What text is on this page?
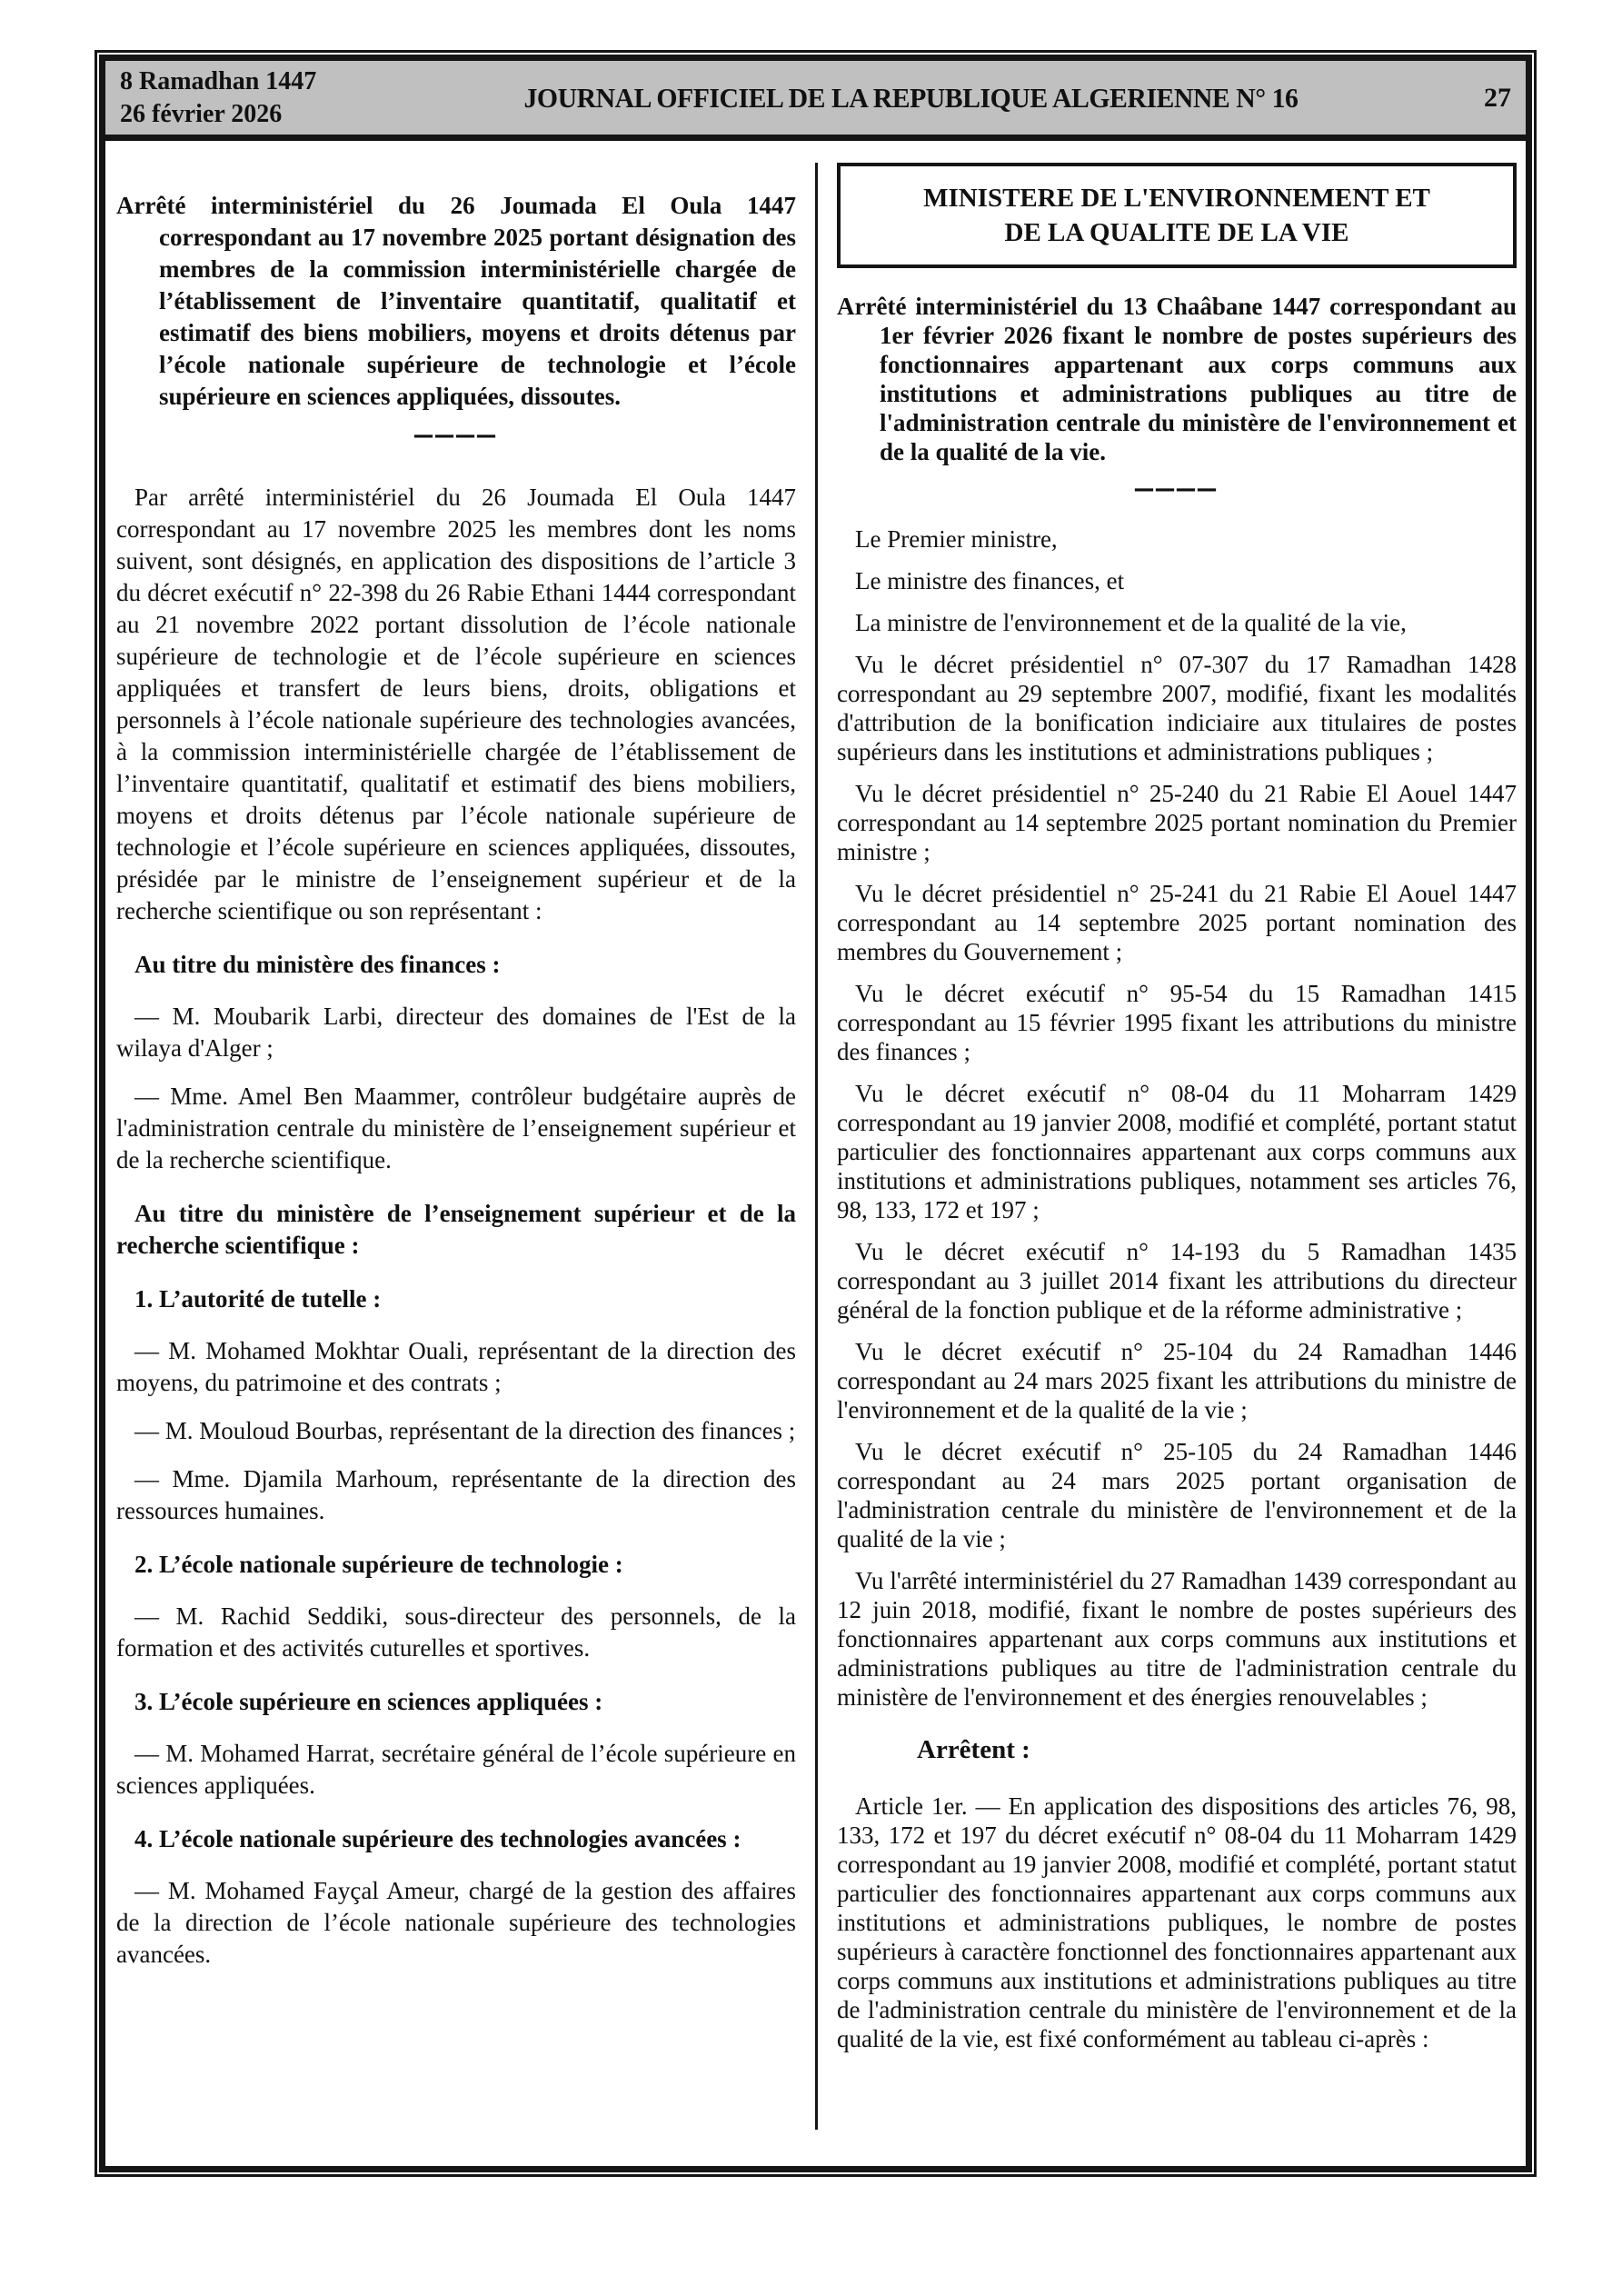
8 Ramadhan 1447
26 février 2026
JOURNAL OFFICIEL DE LA REPUBLIQUE ALGERIENNE N° 16	27

Arrêté interministériel du 26 Joumada El Oula 1447 correspondant au 17 novembre 2025 portant désignation des membres de la commission interministérielle chargée de l’établissement de l’inventaire quantitatif, qualitatif et estimatif des biens mobiliers, moyens et droits détenus par l’école nationale supérieure de technologie et l’école supérieure en sciences appliquées, dissoutes.

————

Par arrêté interministériel du 26 Joumada El Oula 1447 correspondant au 17 novembre 2025 les membres dont les noms suivent, sont désignés, en application des dispositions de l’article 3 du décret exécutif n° 22-398 du 26 Rabie Ethani 1444 correspondant au 21 novembre 2022 portant dissolution de l’école nationale supérieure de technologie et de l’école supérieure en sciences appliquées et transfert de leurs biens, droits, obligations et personnels à l’école nationale supérieure des technologies avancées, à la commission interministérielle chargée de l’établissement de l’inventaire quantitatif, qualitatif et estimatif des biens mobiliers, moyens et droits détenus par l’école nationale supérieure de technologie et l’école supérieure en sciences appliquées, dissoutes, présidée par le ministre de l’enseignement supérieur et de la recherche scientifique ou son représentant :

Au titre du ministère des finances :

— M. Moubarik Larbi, directeur des domaines de l'Est de la wilaya d'Alger ;

— Mme. Amel Ben Maammer, contrôleur budgétaire auprès de l'administration centrale du ministère de l’enseignement supérieur et de la recherche scientifique.

Au titre du ministère de l’enseignement supérieur et de la recherche scientifique :

1. L’autorité de tutelle :

— M. Mohamed Mokhtar Ouali, représentant de la direction des moyens, du patrimoine et des contrats ;

— M. Mouloud Bourbas, représentant de la direction des finances ;

— Mme. Djamila Marhoum, représentante de la direction des ressources humaines.

2. L’école nationale supérieure de technologie :

— M. Rachid Seddiki, sous-directeur des personnels, de la formation et des activités cuturelles et sportives.

3. L’école supérieure en sciences appliquées :

— M. Mohamed Harrat, secrétaire général de l’école supérieure en sciences appliquées.

4. L’école nationale supérieure des technologies avancées :

— M. Mohamed Fayçal Ameur, chargé de la gestion des affaires de la direction de l’école nationale supérieure des technologies avancées.

MINISTERE DE L'ENVIRONNEMENT ET
DE LA QUALITE DE LA VIE

Arrêté interministériel du 13 Chaâbane 1447 correspondant au 1er février 2026 fixant le nombre de postes supérieurs des fonctionnaires appartenant aux corps communs aux institutions et administrations publiques au titre de l'administration centrale du ministère de l'environnement et de la qualité de la vie.

————

Le Premier ministre,

Le ministre des finances, et

La ministre de l'environnement et de la qualité de la vie,

Vu le décret présidentiel n° 07-307 du 17 Ramadhan 1428 correspondant au 29 septembre 2007, modifié, fixant les modalités d'attribution de la bonification indiciaire aux titulaires de postes supérieurs dans les institutions et administrations publiques ;

Vu le décret présidentiel n° 25-240 du 21 Rabie El Aouel 1447 correspondant au 14 septembre 2025 portant nomination du Premier ministre ;

Vu le décret présidentiel n° 25-241 du 21 Rabie El Aouel 1447 correspondant au 14 septembre 2025 portant nomination des membres du Gouvernement ;

Vu le décret exécutif n° 95-54 du 15 Ramadhan 1415 correspondant au 15 février 1995 fixant les attributions du ministre des finances ;

Vu le décret exécutif n° 08-04 du 11 Moharram 1429 correspondant au 19 janvier 2008, modifié et complété, portant statut particulier des fonctionnaires appartenant aux corps communs aux institutions et administrations publiques, notamment ses articles 76, 98, 133, 172 et 197 ;

Vu le décret exécutif n° 14-193 du 5 Ramadhan 1435 correspondant au 3 juillet 2014 fixant les attributions du directeur général de la fonction publique et de la réforme administrative ;

Vu le décret exécutif n° 25-104 du 24 Ramadhan 1446 correspondant au 24 mars 2025 fixant les attributions du ministre de l'environnement et de la qualité de la vie ;

Vu le décret exécutif n° 25-105 du 24 Ramadhan 1446 correspondant au 24 mars 2025 portant organisation de l'administration centrale du ministère de l'environnement et de la qualité de la vie ;

Vu l'arrêté interministériel du 27 Ramadhan 1439 correspondant au 12 juin 2018, modifié, fixant le nombre de postes supérieurs des fonctionnaires appartenant aux corps communs aux institutions et administrations publiques au titre de l'administration centrale du ministère de l'environnement et des énergies renouvelables ;

Arrêtent :

Article 1er. — En application des dispositions des articles 76, 98, 133, 172 et 197 du décret exécutif n° 08-04 du 11 Moharram 1429 correspondant au 19 janvier 2008, modifié et complété, portant statut particulier des fonctionnaires appartenant aux corps communs aux institutions et administrations publiques, le nombre de postes supérieurs à caractère fonctionnel des fonctionnaires appartenant aux corps communs aux institutions et administrations publiques au titre de l'administration centrale du ministère de l'environnement et de la qualité de la vie, est fixé conformément au tableau ci-après :
